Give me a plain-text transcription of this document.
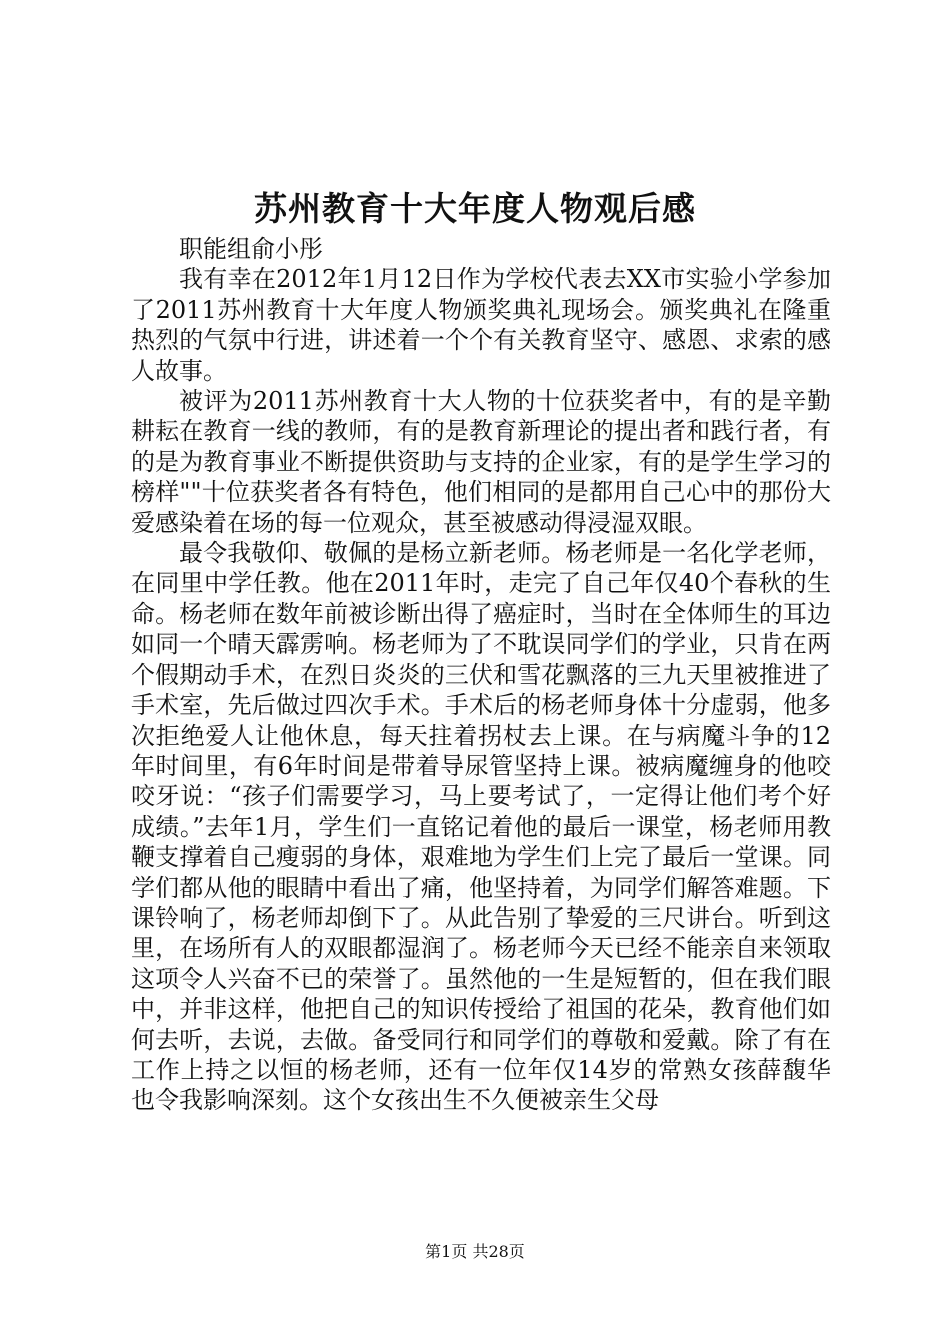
苏州教育十大年度人物观后感

职能组俞小彤

我有幸在2012年1月12日作为学校代表去XX市实验小学参加了2011苏州教育十大年度人物颁奖典礼现场会。颁奖典礼在隆重热烈的气氛中行进，讲述着一个个有关教育坚守、感恩、求索的感人故事。

被评为2011苏州教育十大人物的十位获奖者中，有的是辛勤耕耘在教育一线的教师，有的是教育新理论的提出者和践行者，有的是为教育事业不断提供资助与支持的企业家，有的是学生学习的榜样""十位获奖者各有特色，他们相同的是都用自己心中的那份大爱感染着在场的每一位观众，甚至被感动得浸湿双眼。

最令我敬仰、敬佩的是杨立新老师。杨老师是一名化学老师，在同里中学任教。他在2011年时，走完了自己年仅40个春秋的生命。杨老师在数年前被诊断出得了癌症时，当时在全体师生的耳边如同一个晴天霹雳响。杨老师为了不耽误同学们的学业，只肯在两个假期动手术，在烈日炎炎的三伏和雪花飘落的三九天里被推进了手术室，先后做过四次手术。手术后的杨老师身体十分虚弱，他多次拒绝爱人让他休息，每天拄着拐杖去上课。在与病魔斗争的12年时间里，有6年时间是带着导尿管坚持上课。被病魔缠身的他咬咬牙说：“孩子们需要学习，马上要考试了，一定得让他们考个好成绩。”去年1月，学生们一直铭记着他的最后一课堂，杨老师用教鞭支撑着自己瘦弱的身体，艰难地为学生们上完了最后一堂课。同学们都从他的眼睛中看出了痛，他坚持着，为同学们解答难题。下课铃响了，杨老师却倒下了。从此告别了挚爱的三尺讲台。听到这里，在场所有人的双眼都湿润了。杨老师今天已经不能亲自来领取这项令人兴奋不已的荣誉了。虽然他的一生是短暂的，但在我们眼中，并非这样，他把自己的知识传授给了祖国的花朵，教育他们如何去听，去说，去做。备受同行和同学们的尊敬和爱戴。除了有在工作上持之以恒的杨老师，还有一位年仅14岁的常熟女孩薛馥华也令我影响深刻。这个女孩出生不久便被亲生父母

第1页 共28页
